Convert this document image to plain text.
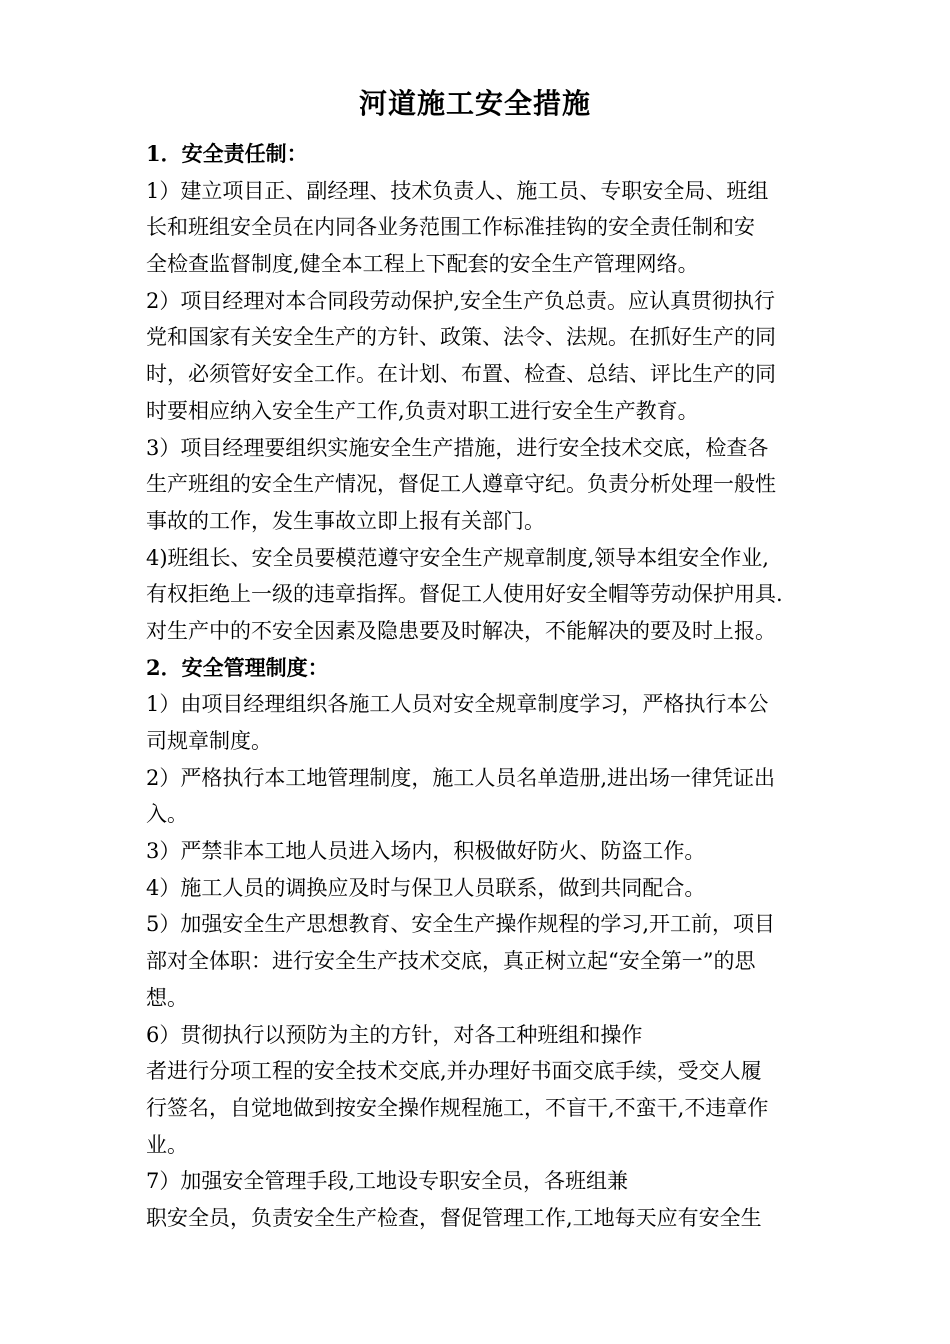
河道施工安全措施
1．安全责任制：
1）建立项目正、副经理、技术负责人、施工员、专职安全局、班组
长和班组安全员在内同各业务范围工作标准挂钩的安全责任制和安
全检查监督制度,健全本工程上下配套的安全生产管理网络。
2）项目经理对本合同段劳动保护,安全生产负总责。应认真贯彻执行
党和国家有关安全生产的方针、政策、法令、法规。在抓好生产的同
时，必须管好安全工作。在计划、布置、检查、总结、评比生产的同
时要相应纳入安全生产工作,负责对职工进行安全生产教育。
3）项目经理要组织实施安全生产措施，进行安全技术交底，检查各
生产班组的安全生产情况，督促工人遵章守纪。负责分析处理一般性
事故的工作，发生事故立即上报有关部门。
4)班组长、安全员要模范遵守安全生产规章制度,领导本组安全作业,
有权拒绝上一级的违章指挥。督促工人使用好安全帽等劳动保护用具.
对生产中的不安全因素及隐患要及时解决，不能解决的要及时上报。
2．安全管理制度：
1）由项目经理组织各施工人员对安全规章制度学习，严格执行本公
司规章制度。
2）严格执行本工地管理制度，施工人员名单造册,进出场一律凭证出
入。
3）严禁非本工地人员进入场内，积极做好防火、防盗工作。
4）施工人员的调换应及时与保卫人员联系，做到共同配合。
5）加强安全生产思想教育、安全生产操作规程的学习,开工前，项目
部对全体职：进行安全生产技术交底，真正树立起“安全第一”的思
想。
6）贯彻执行以预防为主的方针，对各工种班组和操作
者进行分项工程的安全技术交底,并办理好书面交底手续，受交人履
行签名，自觉地做到按安全操作规程施工，不盲干,不蛮干,不违章作
业。
7）加强安全管理手段,工地设专职安全员，各班组兼
职安全员，负责安全生产检查，督促管理工作,工地每天应有安全生
